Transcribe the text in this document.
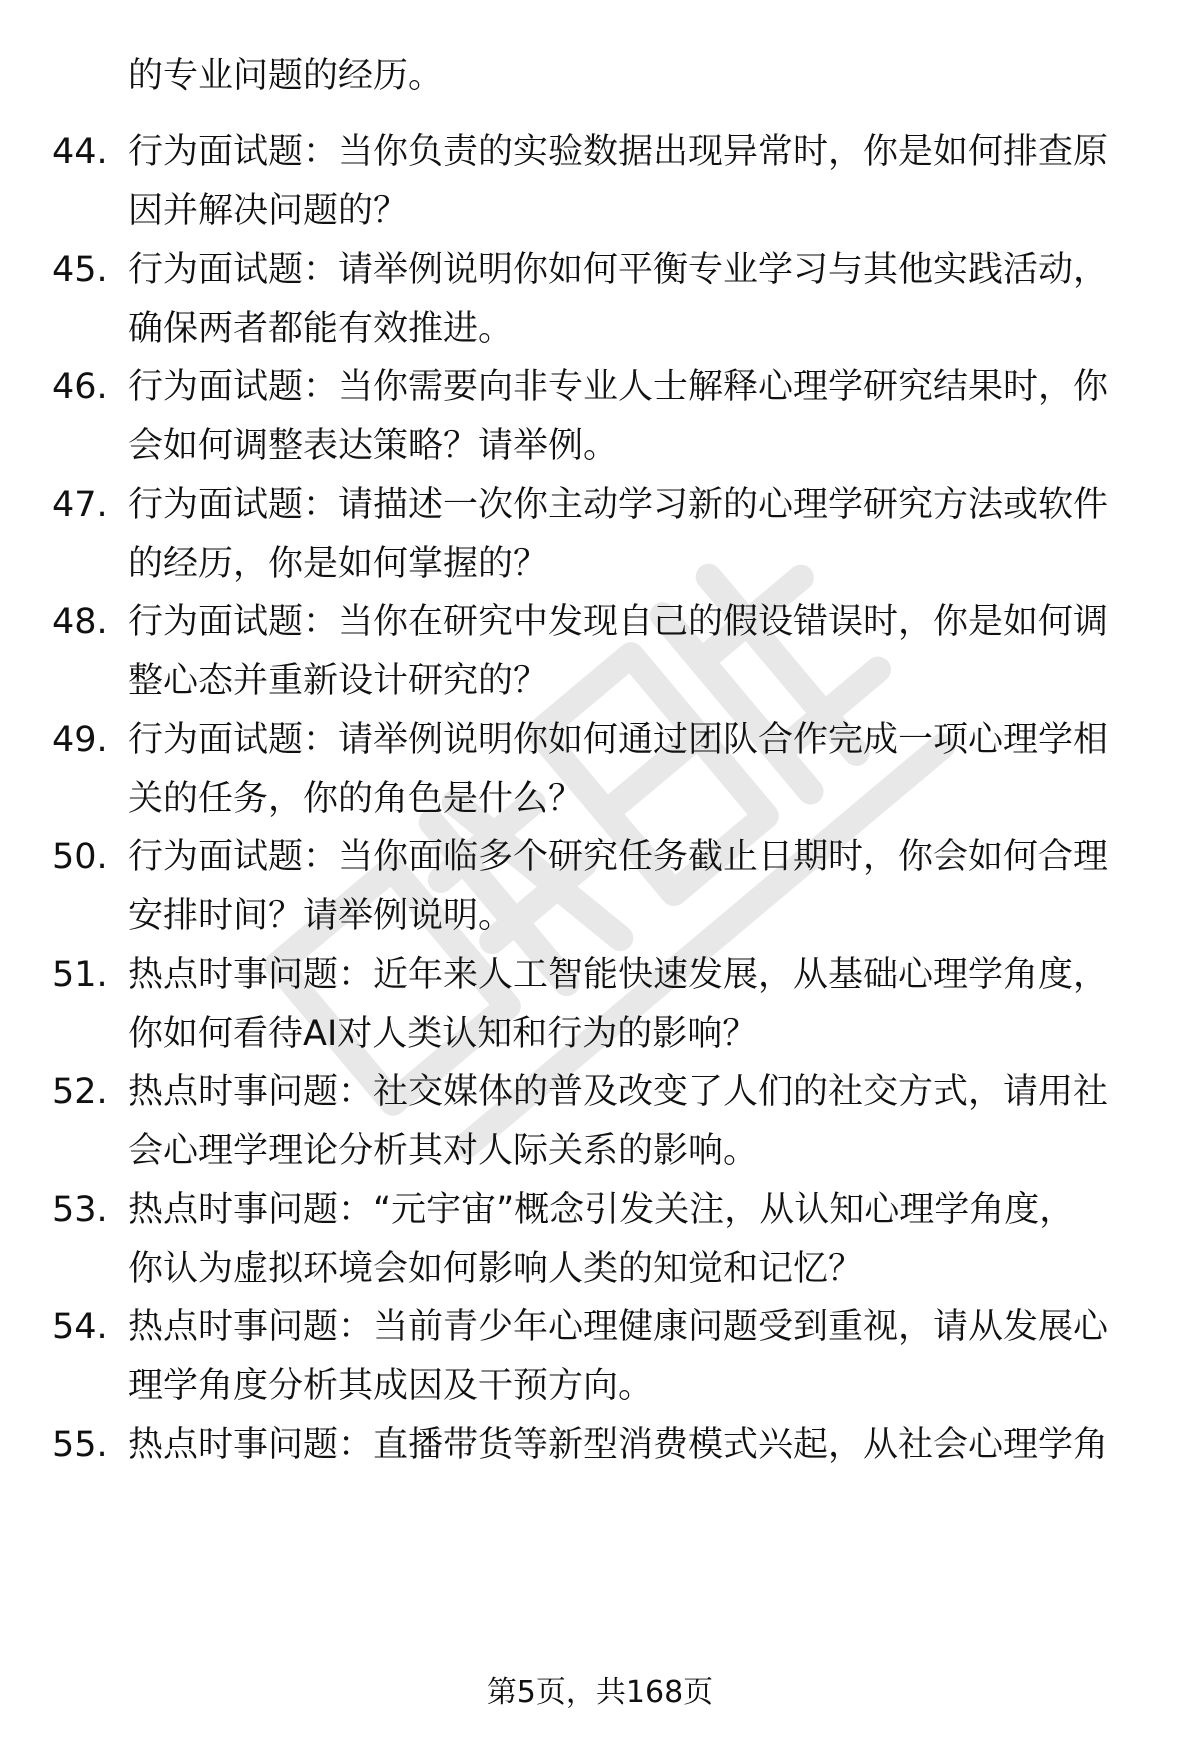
的专业问题的经历。
44. 行为面试题：当你负责的实验数据出现异常时，你是如何排查原
因并解决问题的？
45. 行为面试题：请举例说明你如何平衡专业学习与其他实践活动，
确保两者都能有效推进。
46. 行为面试题：当你需要向非专业人士解释心理学研究结果时，你
会如何调整表达策略？请举例。
47. 行为面试题：请描述一次你主动学习新的心理学研究方法或软件
的经历，你是如何掌握的？
48. 行为面试题：当你在研究中发现自己的假设错误时，你是如何调
整心态并重新设计研究的？
49. 行为面试题：请举例说明你如何通过团队合作完成一项心理学相
关的任务，你的角色是什么？
50. 行为面试题：当你面临多个研究任务截止日期时，你会如何合理
安排时间？请举例说明。
51. 热点时事问题：近年来人工智能快速发展，从基础心理学角度，
你如何看待AI对人类认知和行为的影响？
52. 热点时事问题：社交媒体的普及改变了人们的社交方式，请用社
会心理学理论分析其对人际关系的影响。
53. 热点时事问题：“元宇宙”概念引发关注，从认知心理学角度，
你认为虚拟环境会如何影响人类的知觉和记忆？
54. 热点时事问题：当前青少年心理健康问题受到重视，请从发展心
理学角度分析其成因及干预方向。
55. 热点时事问题：直播带货等新型消费模式兴起，从社会心理学角
第5页，共168页
